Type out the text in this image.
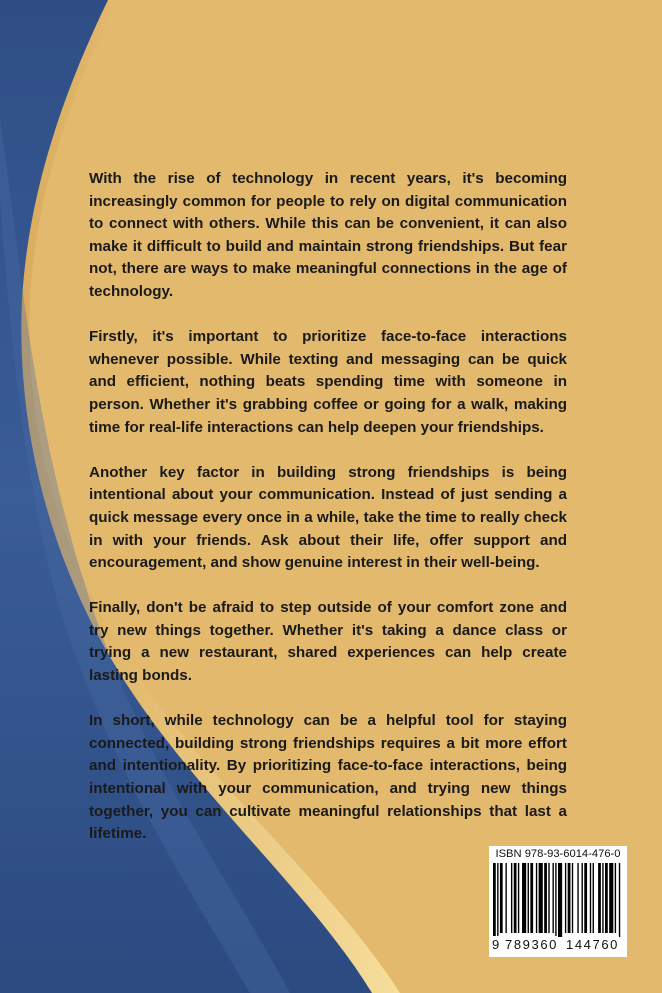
With the rise of technology in recent years, it's becoming increasingly common for people to rely on digital communication to connect with others. While this can be convenient, it can also make it difficult to build and maintain strong friendships. But fear not, there are ways to make meaningful connections in the age of technology.

Firstly, it's important to prioritize face-to-face interactions whenever possible. While texting and messaging can be quick and efficient, nothing beats spending time with someone in person. Whether it's grabbing coffee or going for a walk, making time for real-life interactions can help deepen your friendships.

Another key factor in building strong friendships is being intentional about your communication. Instead of just sending a quick message every once in a while, take the time to really check in with your friends. Ask about their life, offer support and encouragement, and show genuine interest in their well-being.

Finally, don't be afraid to step outside of your comfort zone and try new things together. Whether it's taking a dance class or trying a new restaurant, shared experiences can help create lasting bonds.

In short, while technology can be a helpful tool for staying connected, building strong friendships requires a bit more effort and intentionality. By prioritizing face-to-face interactions, being intentional with your communication, and trying new things together, you can cultivate meaningful relationships that last a lifetime.

ISBN 978-93-6014-476-0
9 789360 144760
